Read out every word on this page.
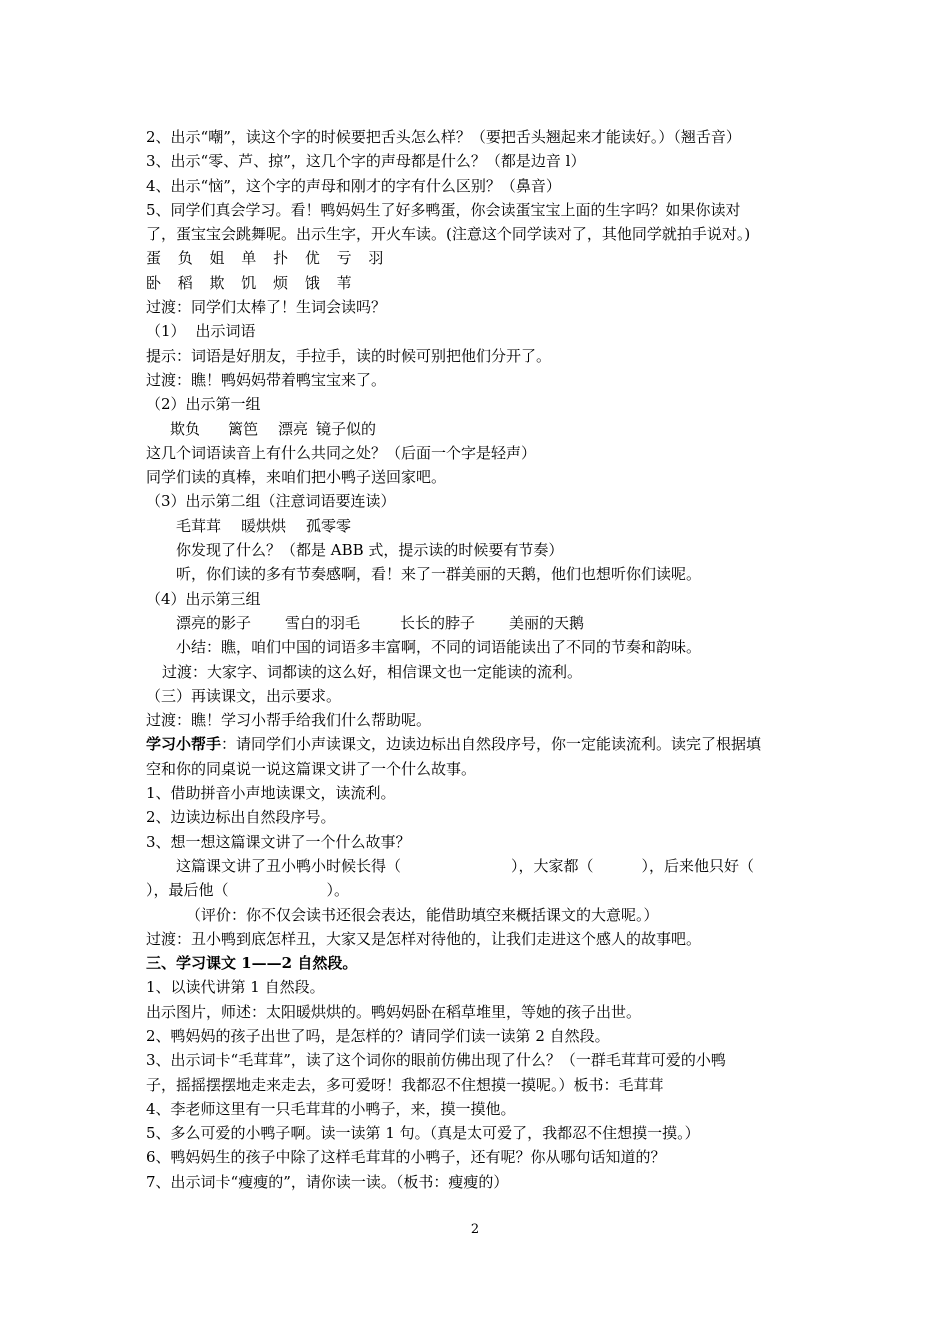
2、出示“嘲”，读这个字的时候要把舌头怎么样？（要把舌头翘起来才能读好。）（翘舌音）
3、出示“零、芦、掠”，这几个字的声母都是什么？（都是边音 l）
4、出示“恼”，这个字的声母和刚才的字有什么区别？（鼻音）
5、同学们真会学习。看！鸭妈妈生了好多鸭蛋，你会读蛋宝宝上面的生字吗？如果你读对
了，蛋宝宝会跳舞呢。出示生字，开火车读。(注意这个同学读对了，其他同学就拍手说对。)
蛋 负 姐 单 扑 优 亏 羽
卧 稻 欺 饥 烦 饿 苇
过渡：同学们太棒了！生词会读吗？
（1） 出示词语
提示：词语是好朋友，手拉手，读的时候可别把他们分开了。
过渡：瞧！鸭妈妈带着鸭宝宝来了。
（2）出示第一组
欺负 篱笆 漂亮 镜子似的
这几个词语读音上有什么共同之处？（后面一个字是轻声）
同学们读的真棒，来咱们把小鸭子送回家吧。
（3）出示第二组（注意词语要连读）
毛茸茸 暖烘烘 孤零零
你发现了什么？（都是 ABB 式，提示读的时候要有节奏）
听，你们读的多有节奏感啊，看！来了一群美丽的天鹅，他们也想听你们读呢。
（4）出示第三组
漂亮的影子 雪白的羽毛	长长的脖子 美丽的天鹅
小结：瞧，咱们中国的词语多丰富啊，不同的词语能读出了不同的节奏和韵味。
过渡：大家字、词都读的这么好，相信课文也一定能读的流利。
（三）再读课文，出示要求。
过渡：瞧！学习小帮手给我们什么帮助呢。
学习小帮手：请同学们小声读课文，边读边标出自然段序号，你一定能读流利。读完了根据填
空和你的同桌说一说这篇课文讲了一个什么故事。
1、借助拼音小声地读课文，读流利。
2、边读边标出自然段序号。
3、想一想这篇课文讲了一个什么故事？
这篇课文讲了丑小鸭小时候长得（	），大家都（	），后来他只好（
），最后他（	）。
（评价：你不仅会读书还很会表达，能借助填空来概括课文的大意呢。）
过渡：丑小鸭到底怎样丑，大家又是怎样对待他的，让我们走进这个感人的故事吧。
三、学习课文 1——2 自然段。
1、以读代讲第 1 自然段。
出示图片，师述：太阳暖烘烘的。鸭妈妈卧在稻草堆里，等她的孩子出世。
2、鸭妈妈的孩子出世了吗，是怎样的？请同学们读一读第 2 自然段。
3、出示词卡“毛茸茸”，读了这个词你的眼前仿佛出现了什么？（一群毛茸茸可爱的小鸭
子，摇摇摆摆地走来走去，多可爱呀！我都忍不住想摸一摸呢。）板书：毛茸茸
4、李老师这里有一只毛茸茸的小鸭子，来，摸一摸他。
5、多么可爱的小鸭子啊。读一读第 1 句。（真是太可爱了，我都忍不住想摸一摸。）
6、鸭妈妈生的孩子中除了这样毛茸茸的小鸭子，还有呢？你从哪句话知道的？
7、出示词卡“瘦瘦的”，请你读一读。（板书：瘦瘦的）
2
